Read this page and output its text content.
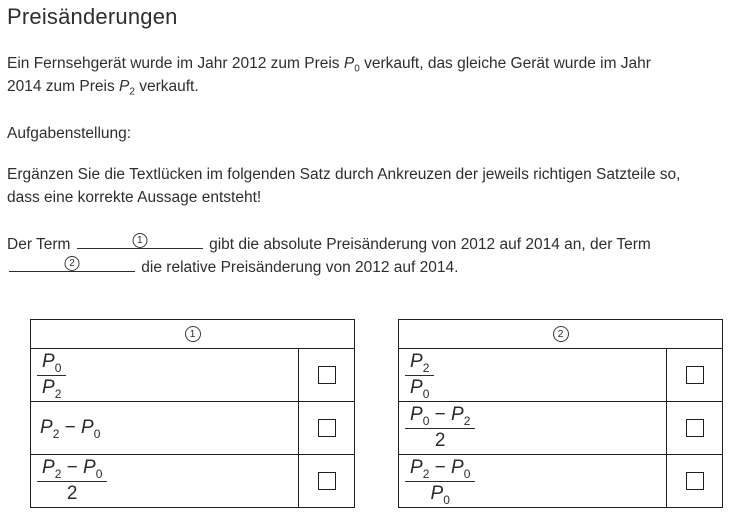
Preisänderungen

Ein Fernsehgerät wurde im Jahr 2012 zum Preis $P_0$ verkauft, das gleiche Gerät wurde im Jahr
2014 zum Preis $P_2$ verkauft.

Aufgabenstellung:

Ergänzen Sie die Textlücken im folgenden Satz durch Ankreuzen der jeweils richtigen Satzteile so,
dass eine korrekte Aussage entsteht!

Der Term	1	gibt die absolute Preisänderung von 2012 auf 2014 an, der Term

2	die relative Preisänderung von 2012 auf 2014.

1	

$\frac{P_0}{P_2}$

$P_2 - P_0$	

$\frac{P_2 - P_0}{2}$

2	

$\frac{P_2}{P_0}$

$\frac{P_0 - P_2}{2}$

$\frac{P_2 - P_0}{P_0}$
